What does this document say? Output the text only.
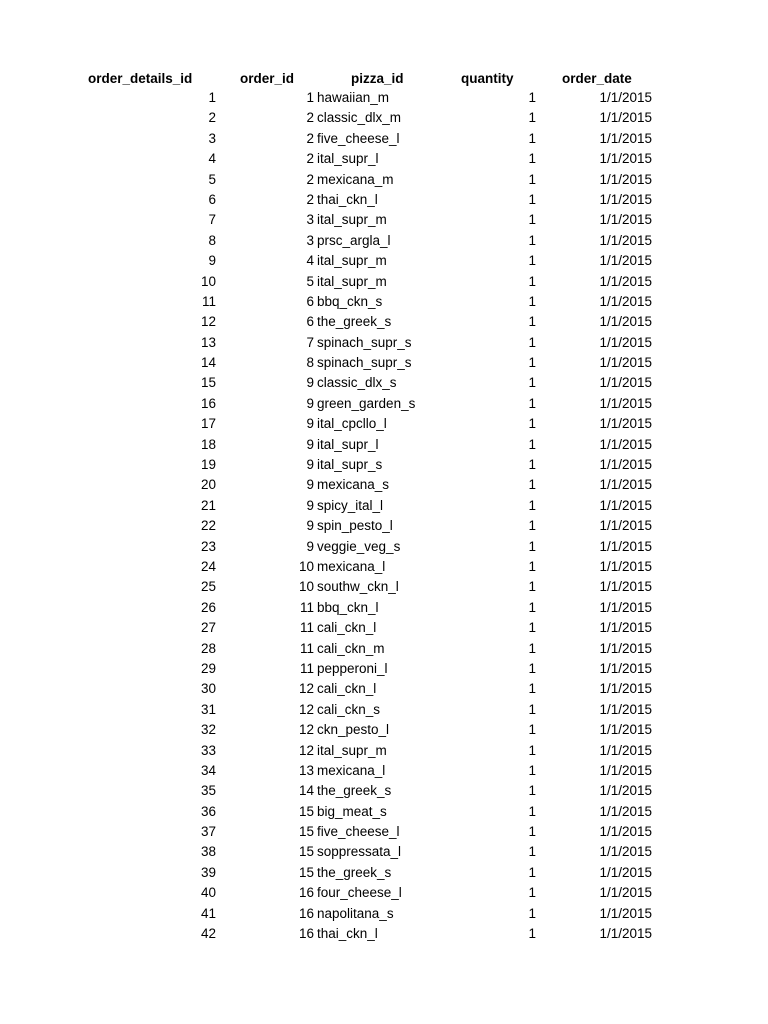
order_details_id	order_id	pizza_id	quantity	order_date
1	1 hawaiian_m	1	1/1/2015
2	2 classic_dlx_m	1	1/1/2015
3	2 five_cheese_l	1	1/1/2015
4	2 ital_supr_l	1	1/1/2015
5	2 mexicana_m	1	1/1/2015
6	2 thai_ckn_l	1	1/1/2015
7	3 ital_supr_m	1	1/1/2015
8	3 prsc_argla_l	1	1/1/2015
9	4 ital_supr_m	1	1/1/2015
10	5 ital_supr_m	1	1/1/2015
11	6 bbq_ckn_s	1	1/1/2015
12	6 the_greek_s	1	1/1/2015
13	7 spinach_supr_s	1	1/1/2015
14	8 spinach_supr_s	1	1/1/2015
15	9 classic_dlx_s	1	1/1/2015
16	9 green_garden_s	1	1/1/2015
17	9 ital_cpcllo_l	1	1/1/2015
18	9 ital_supr_l	1	1/1/2015
19	9 ital_supr_s	1	1/1/2015
20	9 mexicana_s	1	1/1/2015
21	9 spicy_ital_l	1	1/1/2015
22	9 spin_pesto_l	1	1/1/2015
23	9 veggie_veg_s	1	1/1/2015
24	10 mexicana_l	1	1/1/2015
25	10 southw_ckn_l	1	1/1/2015
26	11 bbq_ckn_l	1	1/1/2015
27	11 cali_ckn_l	1	1/1/2015
28	11 cali_ckn_m	1	1/1/2015
29	11 pepperoni_l	1	1/1/2015
30	12 cali_ckn_l	1	1/1/2015
31	12 cali_ckn_s	1	1/1/2015
32	12 ckn_pesto_l	1	1/1/2015
33	12 ital_supr_m	1	1/1/2015
34	13 mexicana_l	1	1/1/2015
35	14 the_greek_s	1	1/1/2015
36	15 big_meat_s	1	1/1/2015
37	15 five_cheese_l	1	1/1/2015
38	15 soppressata_l	1	1/1/2015
39	15 the_greek_s	1	1/1/2015
40	16 four_cheese_l	1	1/1/2015
41	16 napolitana_s	1	1/1/2015
42	16 thai_ckn_l	1	1/1/2015
